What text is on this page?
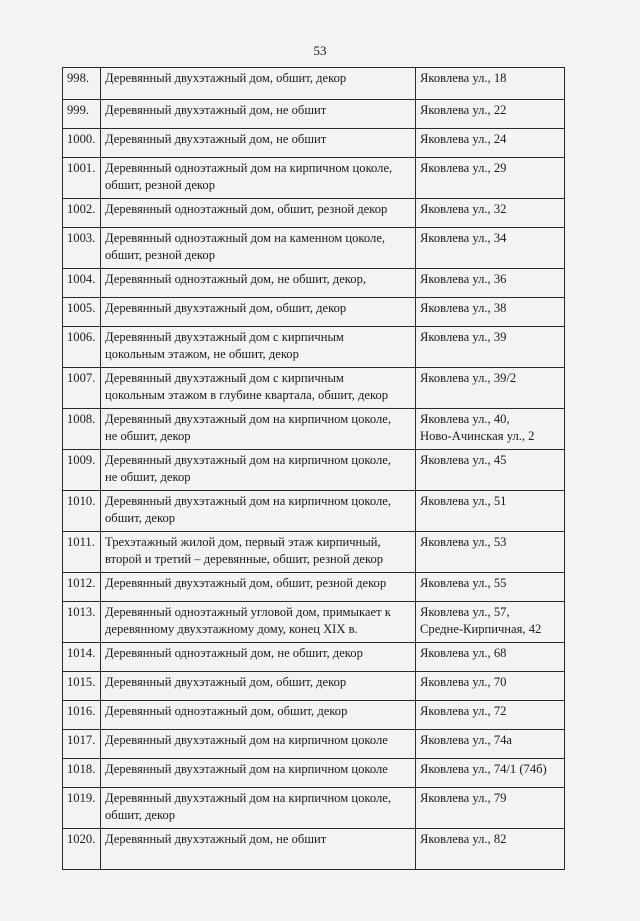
53
998.	Деревянный двухэтажный дом, обшит, декор	Яковлева ул., 18
999.	Деревянный двухэтажный дом, не обшит	Яковлева ул., 22
1000.	Деревянный двухэтажный дом, не обшит	Яковлева ул., 24
1001.	Деревянный одноэтажный дом на кирпичном цоколе,
обшит, резной декор	Яковлева ул., 29
1002.	Деревянный одноэтажный дом, обшит, резной декор	Яковлева ул., 32
1003.	Деревянный одноэтажный дом на каменном цоколе,
обшит, резной декор	Яковлева ул., 34
1004.	Деревянный одноэтажный дом, не обшит, декор,	Яковлева ул., 36
1005.	Деревянный двухэтажный дом, обшит, декор	Яковлева ул., 38
1006.	Деревянный двухэтажный дом с кирпичным
цокольным этажом, не обшит, декор	Яковлева ул., 39
1007.	Деревянный двухэтажный дом с кирпичным
цокольным этажом в глубине квартала, обшит, декор	Яковлева ул., 39/2
1008.	Деревянный двухэтажный дом на кирпичном цоколе,
не обшит, декор	Яковлева ул., 40,
Ново-Ачинская ул., 2
1009.	Деревянный двухэтажный дом на кирпичном цоколе,
не обшит, декор	Яковлева ул., 45
1010.	Деревянный двухэтажный дом на кирпичном цоколе,
обшит, декор	Яковлева ул., 51
1011.	Трехэтажный жилой дом, первый этаж кирпичный,
второй и третий – деревянные, обшит, резной декор	Яковлева ул., 53
1012.	Деревянный двухэтажный дом, обшит, резной декор	Яковлева ул., 55
1013.	Деревянный одноэтажный угловой дом, примыкает к
деревянному двухэтажному дому, конец XIX в.	Яковлева ул., 57,
Средне-Кирпичная, 42
1014.	Деревянный одноэтажный дом, не обшит, декор	Яковлева ул., 68
1015.	Деревянный двухэтажный дом, обшит, декор	Яковлева ул., 70
1016.	Деревянный одноэтажный дом, обшит, декор	Яковлева ул., 72
1017.	Деревянный двухэтажный дом на кирпичном цоколе	Яковлева ул., 74а
1018.	Деревянный двухэтажный дом на кирпичном цоколе	Яковлева ул., 74/1 (74б)
1019.	Деревянный двухэтажный дом на кирпичном цоколе,
обшит, декор	Яковлева ул., 79
1020.	Деревянный двухэтажный дом, не обшит	Яковлева ул., 82
